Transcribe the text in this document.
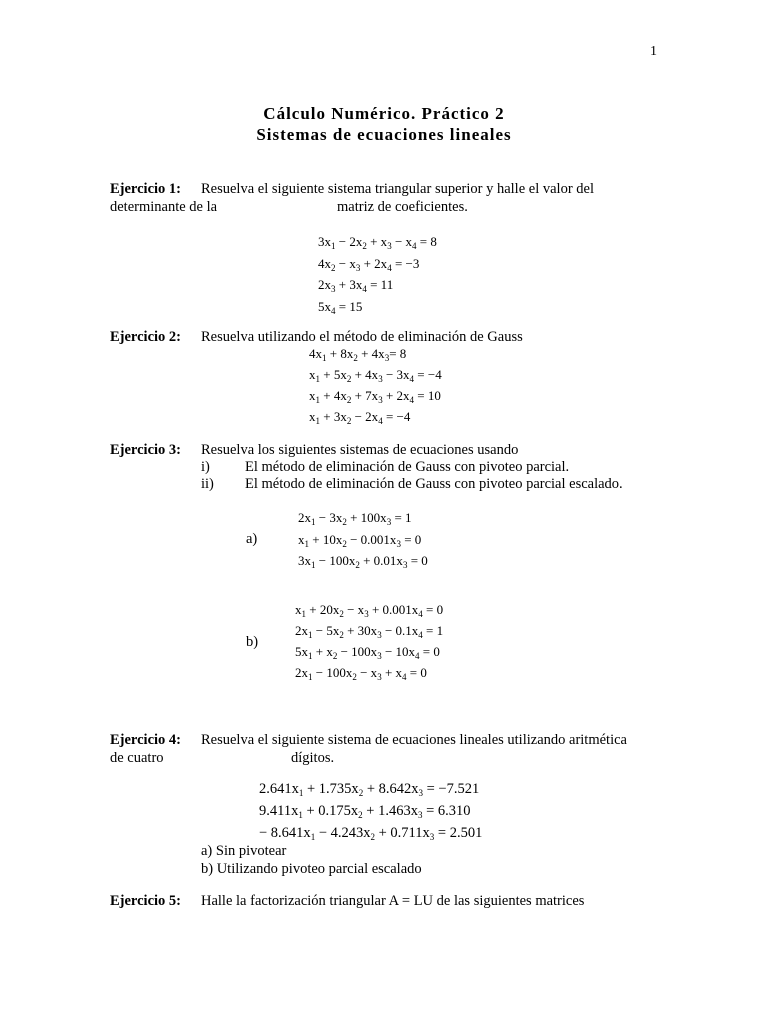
1
Cálculo Numérico. Práctico 2
Sistemas de ecuaciones lineales
Ejercicio 1: Resuelva el siguiente sistema triangular superior y halle el valor del
determinante de la	matriz de coeficientes.
Ejercicio 2: Resuelva utilizando el método de eliminación de Gauss
Ejercicio 3: Resuelva los siguientes sistemas de ecuaciones usando
i) El método de eliminación de Gauss con pivoteo parcial.
ii) El método de eliminación de Gauss con pivoteo parcial escalado.
a)
b)
Ejercicio 4: Resuelva el siguiente sistema de ecuaciones lineales utilizando aritmética
de cuatro	dígitos.
a) Sin pivotear
b) Utilizando pivoteo parcial escalado
Ejercicio 5: Halle la factorización triangular A = LU de las siguientes matrices
$3x_1 - 2x_2 + x_3 - x_4 = 8$
$4x_2 - x_3 + 2x_4 = -3$
$2x_3 + 3x_4 = 11$
$5x_4 = 15$
$4x_1 + 8x_2 + 4x_3= 8$
$x_1 + 5x_2 + 4x_3 - 3x_4 = -4$
$x_1 + 4x_2 + 7x_3 + 2x_4 = 10$
$x_1 + 3x_2 - 2x_4 = -4$
$2x_1 - 3x_2 + 100x_3 = 1$
$x_1 + 10x_2 - 0.001x_3 = 0$
$3x_1 - 100x_2 + 0.01x_3 = 0$
$x_1 + 20x_2 - x_3 + 0.001x_4 = 0$
$2x_1 - 5x_2 + 30x_3 - 0.1x_4 = 1$
$5x_1 + x_2 - 100x_3 - 10x_4 = 0$
$2x_1 - 100x_2 - x_3 + x_4 = 0$
$2.641x_1 + 1.735x_2 + 8.642x_3 = -7.521$
$9.411x_1 + 0.175x_2 + 1.463x_3 = 6.310$
− $8.641x_1 - 4.243x_2 + 0.711x_3 = 2.501$
